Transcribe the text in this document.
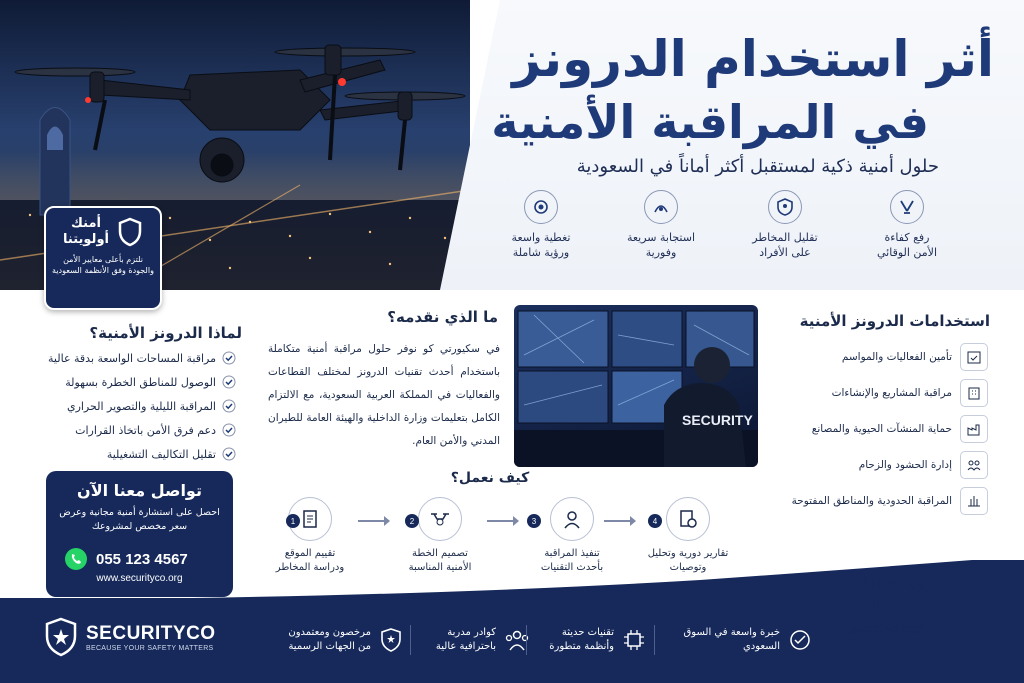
أثر استخدام الدرونز
في المراقبة الأمنية
حلول أمنية ذكية لمستقبل أكثر أماناً في السعودية
رفع كفاءة
الأمن الوقائي
تقليل المخاطر
على الأفراد
استجابة سريعة
وفورية
تغطية واسعة
ورؤية شاملة
أمنك
أولويتنا
نلتزم بأعلى معايير الأمن والجودة وفق الأنظمة السعودية
لماذا الدرونز الأمنية؟
مراقبة المساحات الواسعة بدقة عالية
الوصول للمناطق الخطرة بسهولة
المراقبة الليلية والتصوير الحراري
دعم فرق الأمن باتخاذ القرارات
تقليل التكاليف التشغيلية
تواصل معنا الآن
احصل على استشارة أمنية مجانية وعرض سعر مخصص لمشروعك
055 123 4567
www.securityco.org
ما الذي نقدمه؟
في سكيورتي كو نوفر حلول مراقبة أمنية متكاملة باستخدام أحدث تقنيات الدرونز لمختلف القطاعات والفعاليات في المملكة العربية السعودية، مع الالتزام الكامل بتعليمات وزارة الداخلية والهيئة العامة للطيران المدني والأمن العام.
SECURITY
كيف نعمل؟
تقييم الموقع
ودراسة المخاطر
تصميم الخطة
الأمنية المناسبة
تنفيذ المراقبة
بأحدث التقنيات
تقارير دورية وتحليل
وتوصيات
1	2	3	4
استخدامات الدرونز الأمنية
تأمين الفعاليات والمواسم
مراقبة المشاريع والإنشاءات
حماية المنشآت الحيوية والمصانع
إدارة الحشود والزحام
المراقبة الحدودية والمناطق المفتوحة
SECURITYCO
BECAUSE YOUR SAFETY MATTERS
مرخصون ومعتمدون
من الجهات الرسمية
كوادر مدربة
باحترافية عالية
تقنيات حديثة
وأنظمة متطورة
خبرة واسعة في السوق
السعودي
VISION رؤية
2030
المملكة العربية السعودية
KINGDOM OF SAUDI ARABIA
